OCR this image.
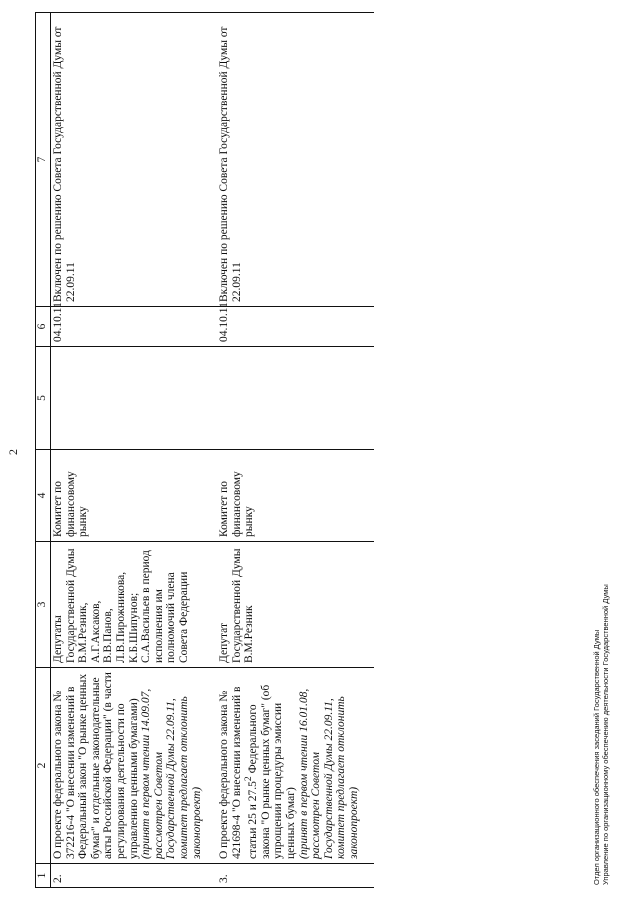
2
1	2	3	4	5	6	7
2.	О проекте федерального закона № 372216-4 "О внесении изменений в Федеральный закон "О рынке ценных бумаг" и отдельные законодательные акты Российской Федерации" (в части регулирования деятельности по управлению ценными бумагами) (принят в первом чтении 14.09.07, рассмотрен Советом Государственной Думы 22.09.11, комитет предлагает отклонить законопроект)	Депутаты Государственной Думы В.М.Резник, А.Г.Аксаков, В.В.Панов, Л.В.Пирожникова, К.Б.Шипунов; С.А.Васильев в период исполнения им полномочий члена Совета Федерации	Комитет по финансовому рынку		04.10.11	Включен по решению Совета Государственной Думы от 22.09.11
3.	О проекте федерального закона № 421698-4 "О внесении изменений в статьи 25 и 27.5$^2$ Федерального закона "О рынке ценных бумаг" (об упрощении процедуры эмиссии ценных бумаг) (принят в первом чтении 16.01.08, рассмотрен Советом Государственной Думы 22.09.11, комитет предлагает отклонить законопроект)	Депутат Государственной Думы В.М.Резник	Комитет по финансовому рынку		04.10.11	Включен по решению Совета Государственной Думы от 22.09.11
Отдел организационного обеспечения заседаний Государственной Думы Управление по организационному обеспечению деятельности Государственной Думы
